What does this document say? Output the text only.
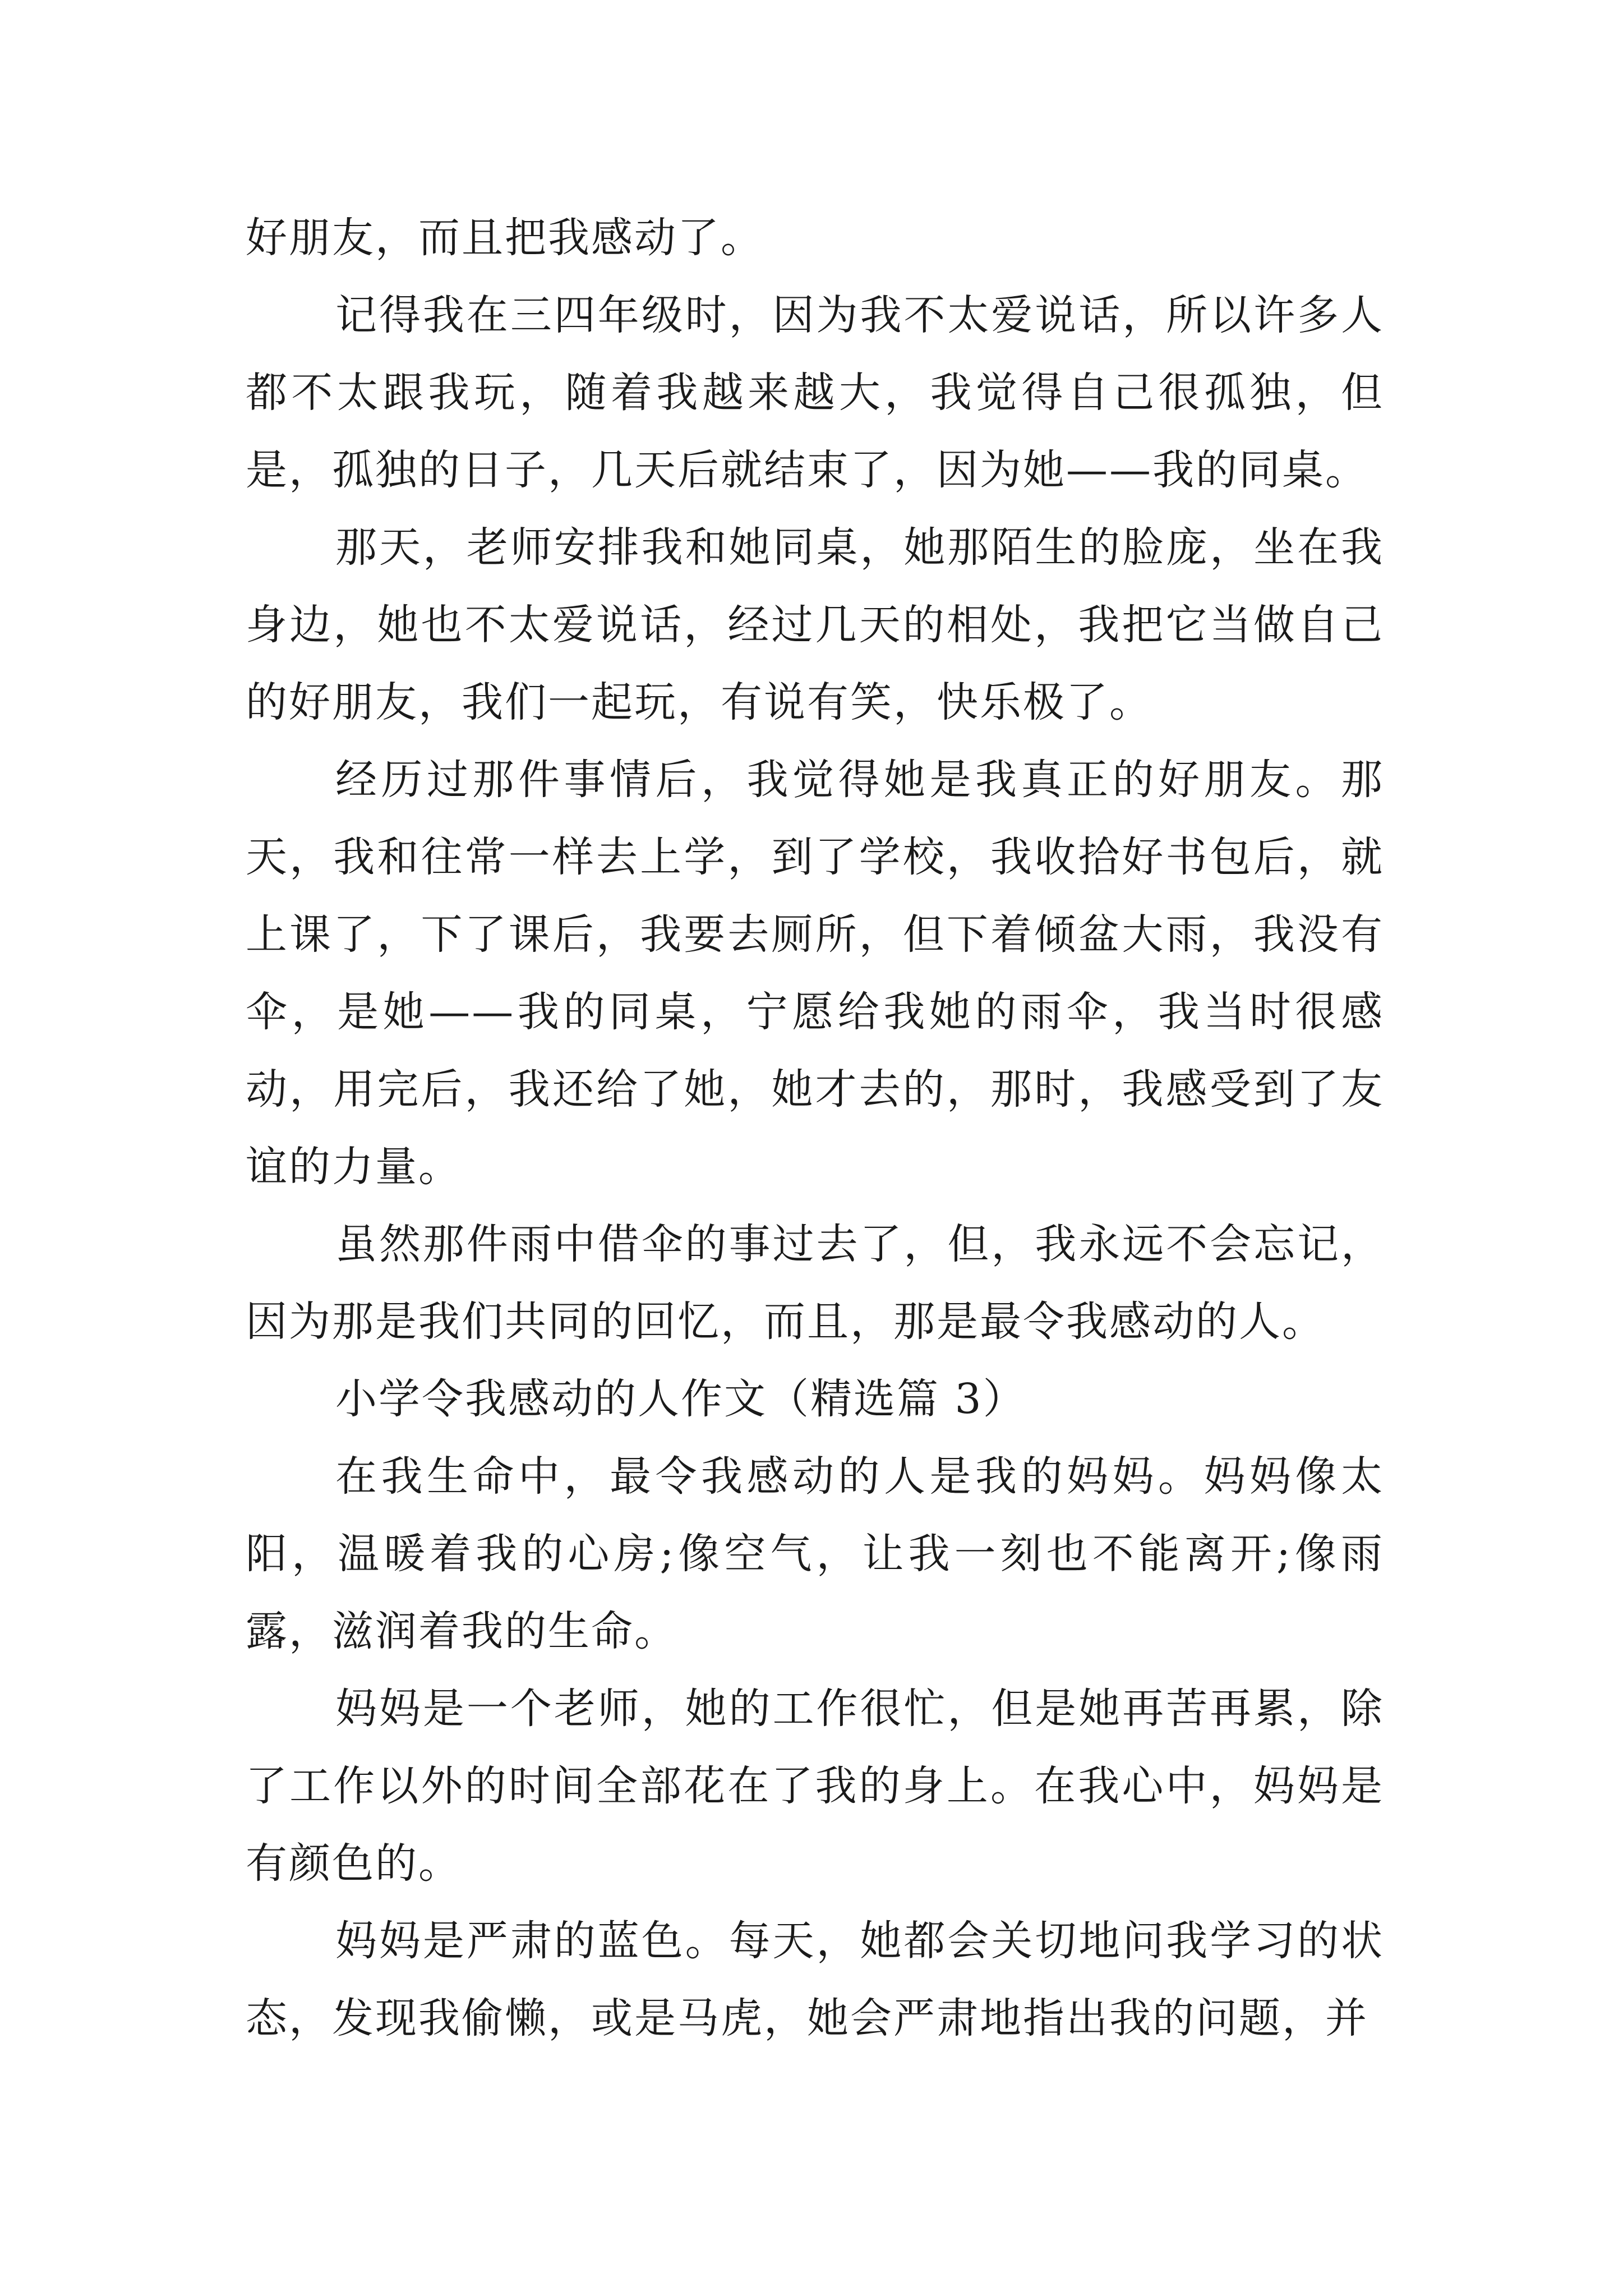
好朋友，而且把我感动了。

记得我在三四年级时，因为我不太爱说话，所以许多人都不太跟我玩，随着我越来越大，我觉得自己很孤独，但是，孤独的日子，几天后就结束了，因为她——我的同桌。

那天，老师安排我和她同桌，她那陌生的脸庞，坐在我身边，她也不太爱说话，经过几天的相处，我把它当做自己的好朋友，我们一起玩，有说有笑，快乐极了。

经历过那件事情后，我觉得她是我真正的好朋友。那天，我和往常一样去上学，到了学校，我收拾好书包后，就上课了，下了课后，我要去厕所，但下着倾盆大雨，我没有伞，是她——我的同桌，宁愿给我她的雨伞，我当时很感动，用完后，我还给了她，她才去的，那时，我感受到了友谊的力量。

虽然那件雨中借伞的事过去了，但，我永远不会忘记，因为那是我们共同的回忆，而且，那是最令我感动的人。

小学令我感动的人作文（精选篇 3）

在我生命中，最令我感动的人是我的妈妈。妈妈像太阳，温暖着我的心房;像空气，让我一刻也不能离开;像雨露，滋润着我的生命。

妈妈是一个老师，她的工作很忙，但是她再苦再累，除了工作以外的时间全部花在了我的身上。在我心中，妈妈是有颜色的。

妈妈是严肃的蓝色。每天，她都会关切地问我学习的状态，发现我偷懒，或是马虎，她会严肃地指出我的问题，并
